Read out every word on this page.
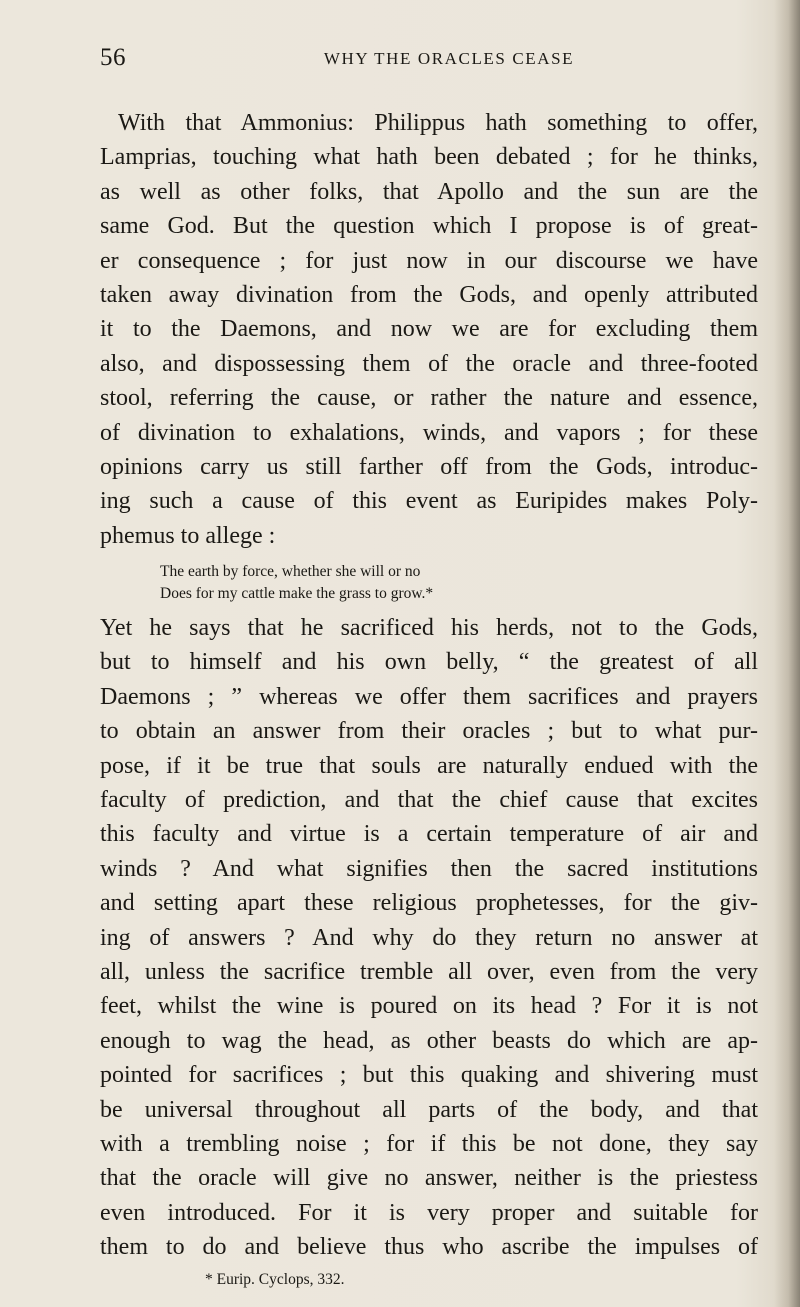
56	WHY THE ORACLES CEASE
With that Ammonius: Philippus hath something to offer,
Lamprias, touching what hath been debated ; for he thinks,
as well as other folks, that Apollo and the sun are the
same God. But the question which I propose is of great-
er consequence ; for just now in our discourse we have
taken away divination from the Gods, and openly attributed
it to the Daemons, and now we are for excluding them
also, and dispossessing them of the oracle and three-footed
stool, referring the cause, or rather the nature and essence,
of divination to exhalations, winds, and vapors ; for these
opinions carry us still farther off from the Gods, introduc-
ing such a cause of this event as Euripides makes Poly-
phemus to allege :
The earth by force, whether she will or no
Does for my cattle make the grass to grow.*
Yet he says that he sacrificed his herds, not to the Gods,
but to himself and his own belly, “ the greatest of all
Daemons ; ” whereas we offer them sacrifices and prayers
to obtain an answer from their oracles ; but to what pur-
pose, if it be true that souls are naturally endued with the
faculty of prediction, and that the chief cause that excites
this faculty and virtue is a certain temperature of air and
winds ? And what signifies then the sacred institutions
and setting apart these religious prophetesses, for the giv-
ing of answers ? And why do they return no answer at
all, unless the sacrifice tremble all over, even from the very
feet, whilst the wine is poured on its head ? For it is not
enough to wag the head, as other beasts do which are ap-
pointed for sacrifices ; but this quaking and shivering must
be universal throughout all parts of the body, and that
with a trembling noise ; for if this be not done, they say
that the oracle will give no answer, neither is the priestess
even introduced. For it is very proper and suitable for
them to do and believe thus who ascribe the impulses of
* Eurip. Cyclops, 332.
